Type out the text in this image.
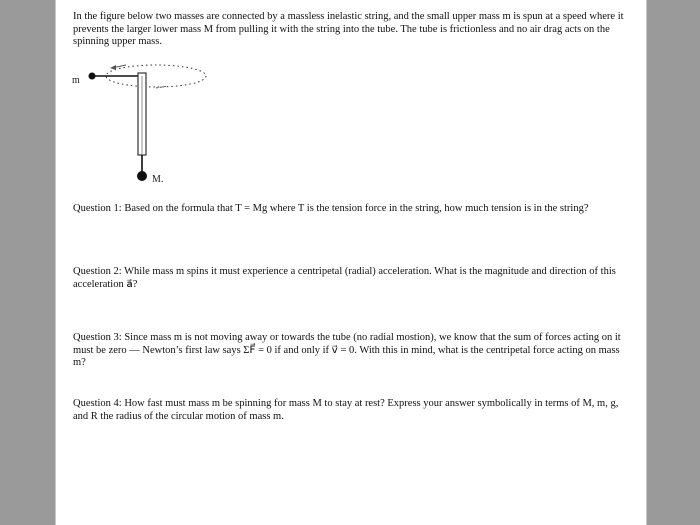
In the figure below two masses are connected by a massless inelastic string, and the small upper mass m is spun at a speed where it prevents the larger lower mass M from pulling it with the string into the tube. The tube is frictionless and no air drag acts on the spinning upper mass.
m
M.
Question 1: Based on the formula that T = Mg where T is the tension force in the string, how much tension is in the string?
Question 2: While mass m spins it must experience a centripetal (radial) acceleration. What is the magnitude and direction of this acceleration a⃗?
Question 3: Since mass m is not moving away or towards the tube (no radial mostion), we know that the sum of forces acting on it must be zero — Newton’s first law says ΣF⃗ = 0 if and only if v⃗ = 0. With this in mind, what is the centripetal force acting on mass m?
Question 4: How fast must mass m be spinning for mass M to stay at rest? Express your answer symbolically in terms of M, m, g, and R the radius of the circular motion of mass m.
